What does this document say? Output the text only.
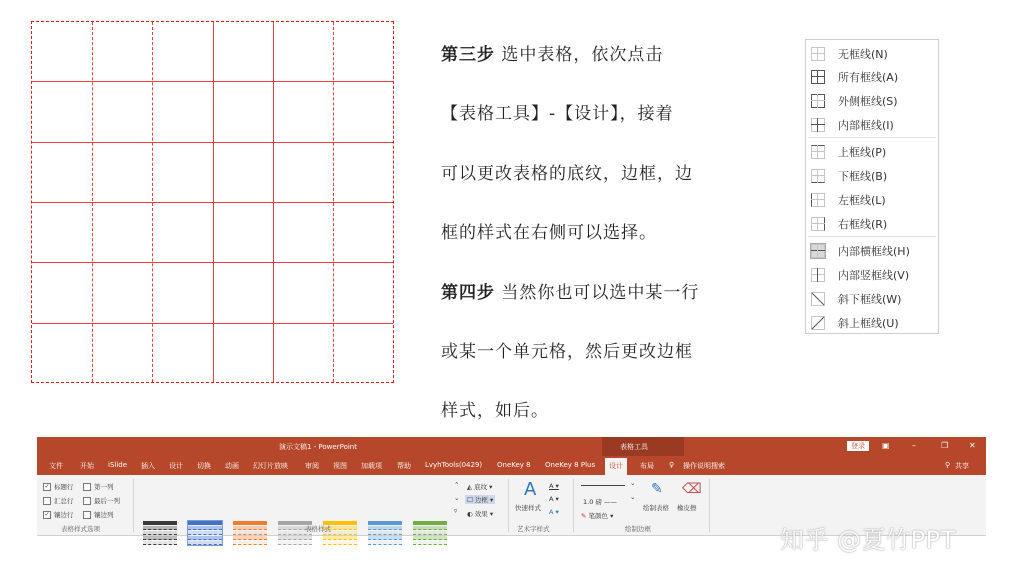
第三步 选中表格，依次点击

【表格工具】-【设计】，接着

可以更改表格的底纹，边框，边

框的样式在右侧可以选择。

第四步 当然你也可以选中某一行

或某一个单元格，然后更改边框

样式，如后。

无框线(N)
所有框线(A)
外侧框线(S)
内部框线(I)
上框线(P)
下框线(B)
左框线(L)
右框线(R)
内部横框线(H)
内部竖框线(V)
斜下框线(W)
斜上框线(U)
演示文稿1 - PowerPoint	表格工具	登录	▣	–	❐	✕
文件 开始 iSlide 插入 设计 切换 动画 幻灯片放映 审阅 视图 加载项 帮助 LvyhTools(0429) OneKey 8 OneKey 8 Plus	设计	布局 ♀ 操作说明搜索	⚲ 共享
✓ 标题行	第一列
汇总行	最后一列
✓ 镶边行	镶边列
表格样式选项
⌃
⌄
▿
◭ 底纹 ▾
☐ 边框 ▾
◐ 效果 ▾
表格样式
A
快速样式
A ▾
A ▾
A ▾
艺术字样式
⌄
1.0 磅 ——
⌄
✎ 笔颜色 ▾
✎
绘制表格
⌫
橡皮擦
绘制边框	知乎 @夏竹PPT
